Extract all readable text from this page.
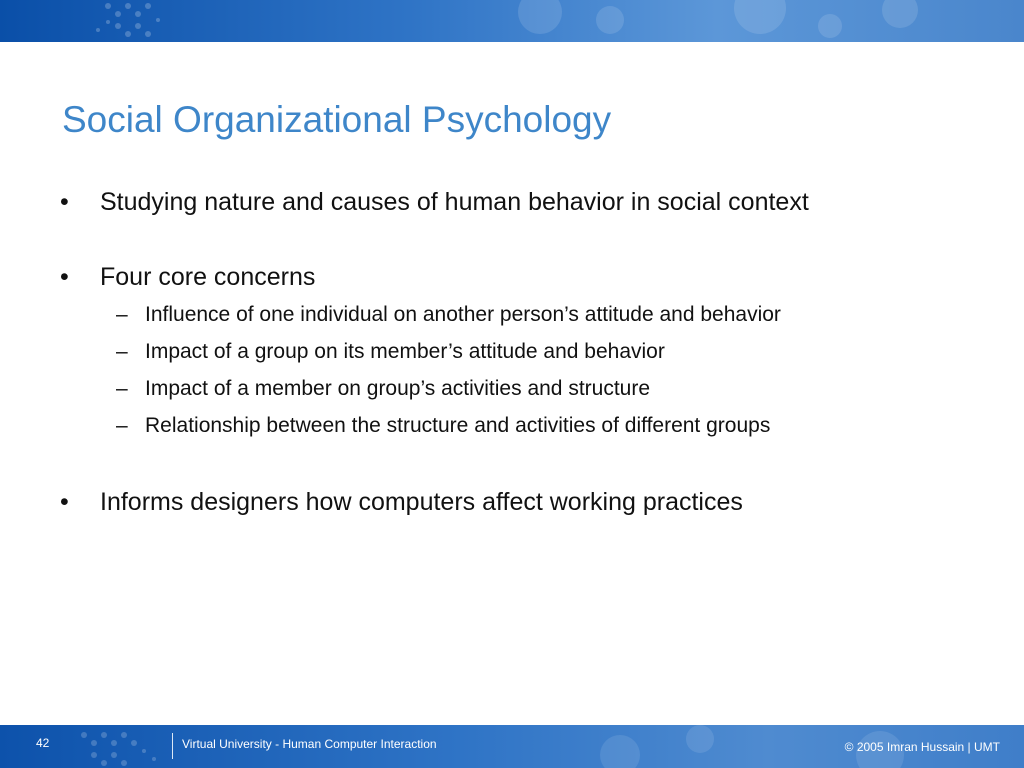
Social Organizational Psychology
•	Studying nature and causes of human behavior in social context
•	Four core concerns
– Influence of one individual on another person’s attitude and behavior
– Impact of a group on its member’s attitude and behavior
– Impact of a member on group’s activities and structure
– Relationship between the structure and activities of different groups
•	Informs designers how computers affect working practices
42	Virtual University - Human Computer Interaction	© 2005 Imran Hussain | UMT
